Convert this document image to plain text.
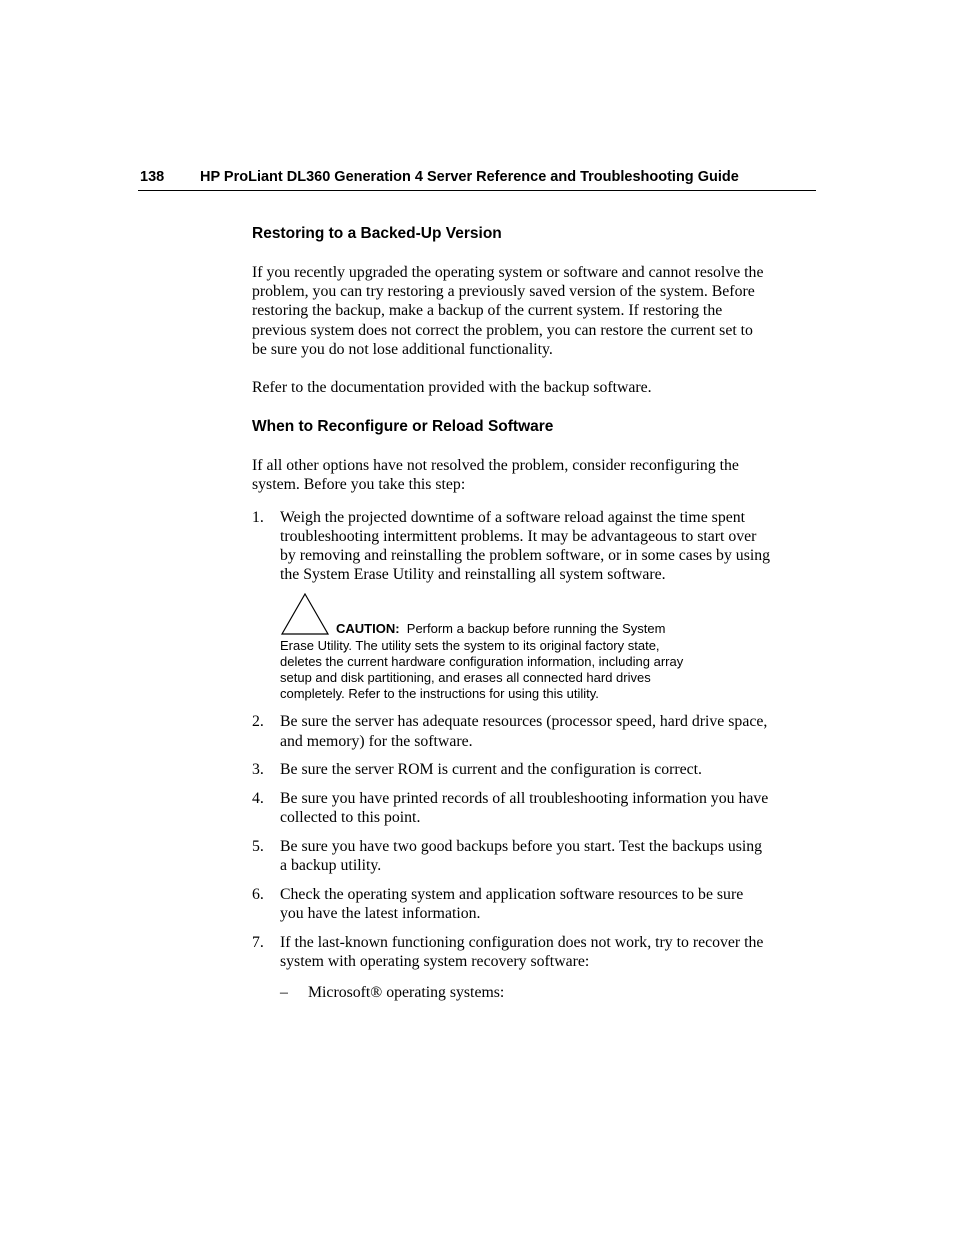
138 HP ProLiant DL360 Generation 4 Server Reference and Troubleshooting Guide
Restoring to a Backed-Up Version

If you recently upgraded the operating system or software and cannot resolve the
problem, you can try restoring a previously saved version of the system. Before
restoring the backup, make a backup of the current system. If restoring the
previous system does not correct the problem, you can restore the current set to
be sure you do not lose additional functionality.

Refer to the documentation provided with the backup software.

When to Reconfigure or Reload Software

If all other options have not resolved the problem, consider reconfiguring the
system. Before you take this step:

1. Weigh the projected downtime of a software reload against the time spent
troubleshooting intermittent problems. It may be advantageous to start over
by removing and reinstalling the problem software, or in some cases by using
the System Erase Utility and reinstalling all system software.
CAUTION: Perform a backup before running the System
Erase Utility. The utility sets the system to its original factory state,
deletes the current hardware configuration information, including array
setup and disk partitioning, and erases all connected hard drives
completely. Refer to the instructions for using this utility.
2. Be sure the server has adequate resources (processor speed, hard drive space,
and memory) for the software.
3. Be sure the server ROM is current and the configuration is correct.
4. Be sure you have printed records of all troubleshooting information you have
collected to this point.
5. Be sure you have two good backups before you start. Test the backups using
a backup utility.
6. Check the operating system and application software resources to be sure
you have the latest information.
7. If the last-known functioning configuration does not work, try to recover the
system with operating system recovery software:
– Microsoft® operating systems:
